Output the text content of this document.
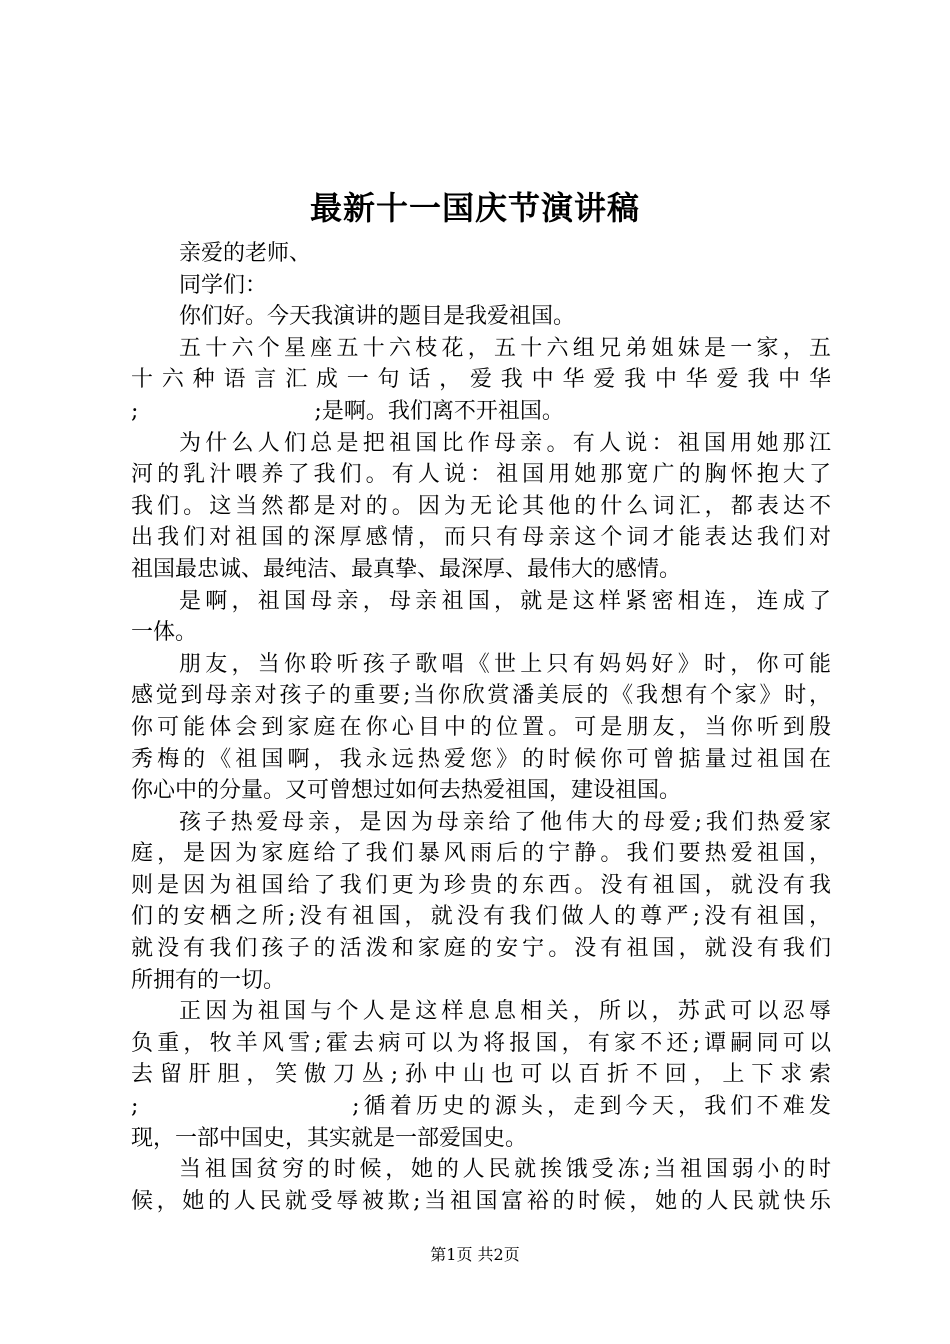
最新十一国庆节演讲稿
亲爱的老师、
同学们：
你们好。今天我演讲的题目是我爱祖国。
五十六个星座五十六枝花，五十六组兄弟姐妹是一家，五
十六种语言汇成一句话，爱我中华爱我中华爱我中华
;　　　　　　　　;是啊。我们离不开祖国。
为什么人们总是把祖国比作母亲。有人说：祖国用她那江
河的乳汁喂养了我们。有人说：祖国用她那宽广的胸怀抱大了
我们。这当然都是对的。因为无论其他的什么词汇，都表达不
出我们对祖国的深厚感情，而只有母亲这个词才能表达我们对
祖国最忠诚、最纯洁、最真挚、最深厚、最伟大的感情。
是啊，祖国母亲，母亲祖国，就是这样紧密相连，连成了
一体。
朋友，当你聆听孩子歌唱《世上只有妈妈好》时，你可能
感觉到母亲对孩子的重要;当你欣赏潘美辰的《我想有个家》时，
你可能体会到家庭在你心目中的位置。可是朋友，当你听到殷
秀梅的《祖国啊，我永远热爱您》的时候你可曾掂量过祖国在
你心中的分量。又可曾想过如何去热爱祖国，建设祖国。
孩子热爱母亲，是因为母亲给了他伟大的母爱;我们热爱家
庭，是因为家庭给了我们暴风雨后的宁静。我们要热爱祖国，
则是因为祖国给了我们更为珍贵的东西。没有祖国，就没有我
们的安栖之所;没有祖国，就没有我们做人的尊严;没有祖国，
就没有我们孩子的活泼和家庭的安宁。没有祖国，就没有我们
所拥有的一切。
正因为祖国与个人是这样息息相关，所以，苏武可以忍辱
负重，牧羊风雪;霍去病可以为将报国，有家不还;谭嗣同可以
去留肝胆，笑傲刀丛;孙中山也可以百折不回，上下求索
;　　　　　　　　;循着历史的源头，走到今天，我们不难发
现，一部中国史，其实就是一部爱国史。
当祖国贫穷的时候，她的人民就挨饿受冻;当祖国弱小的时
候，她的人民就受辱被欺;当祖国富裕的时候，她的人民就快乐
第1页 共2页
